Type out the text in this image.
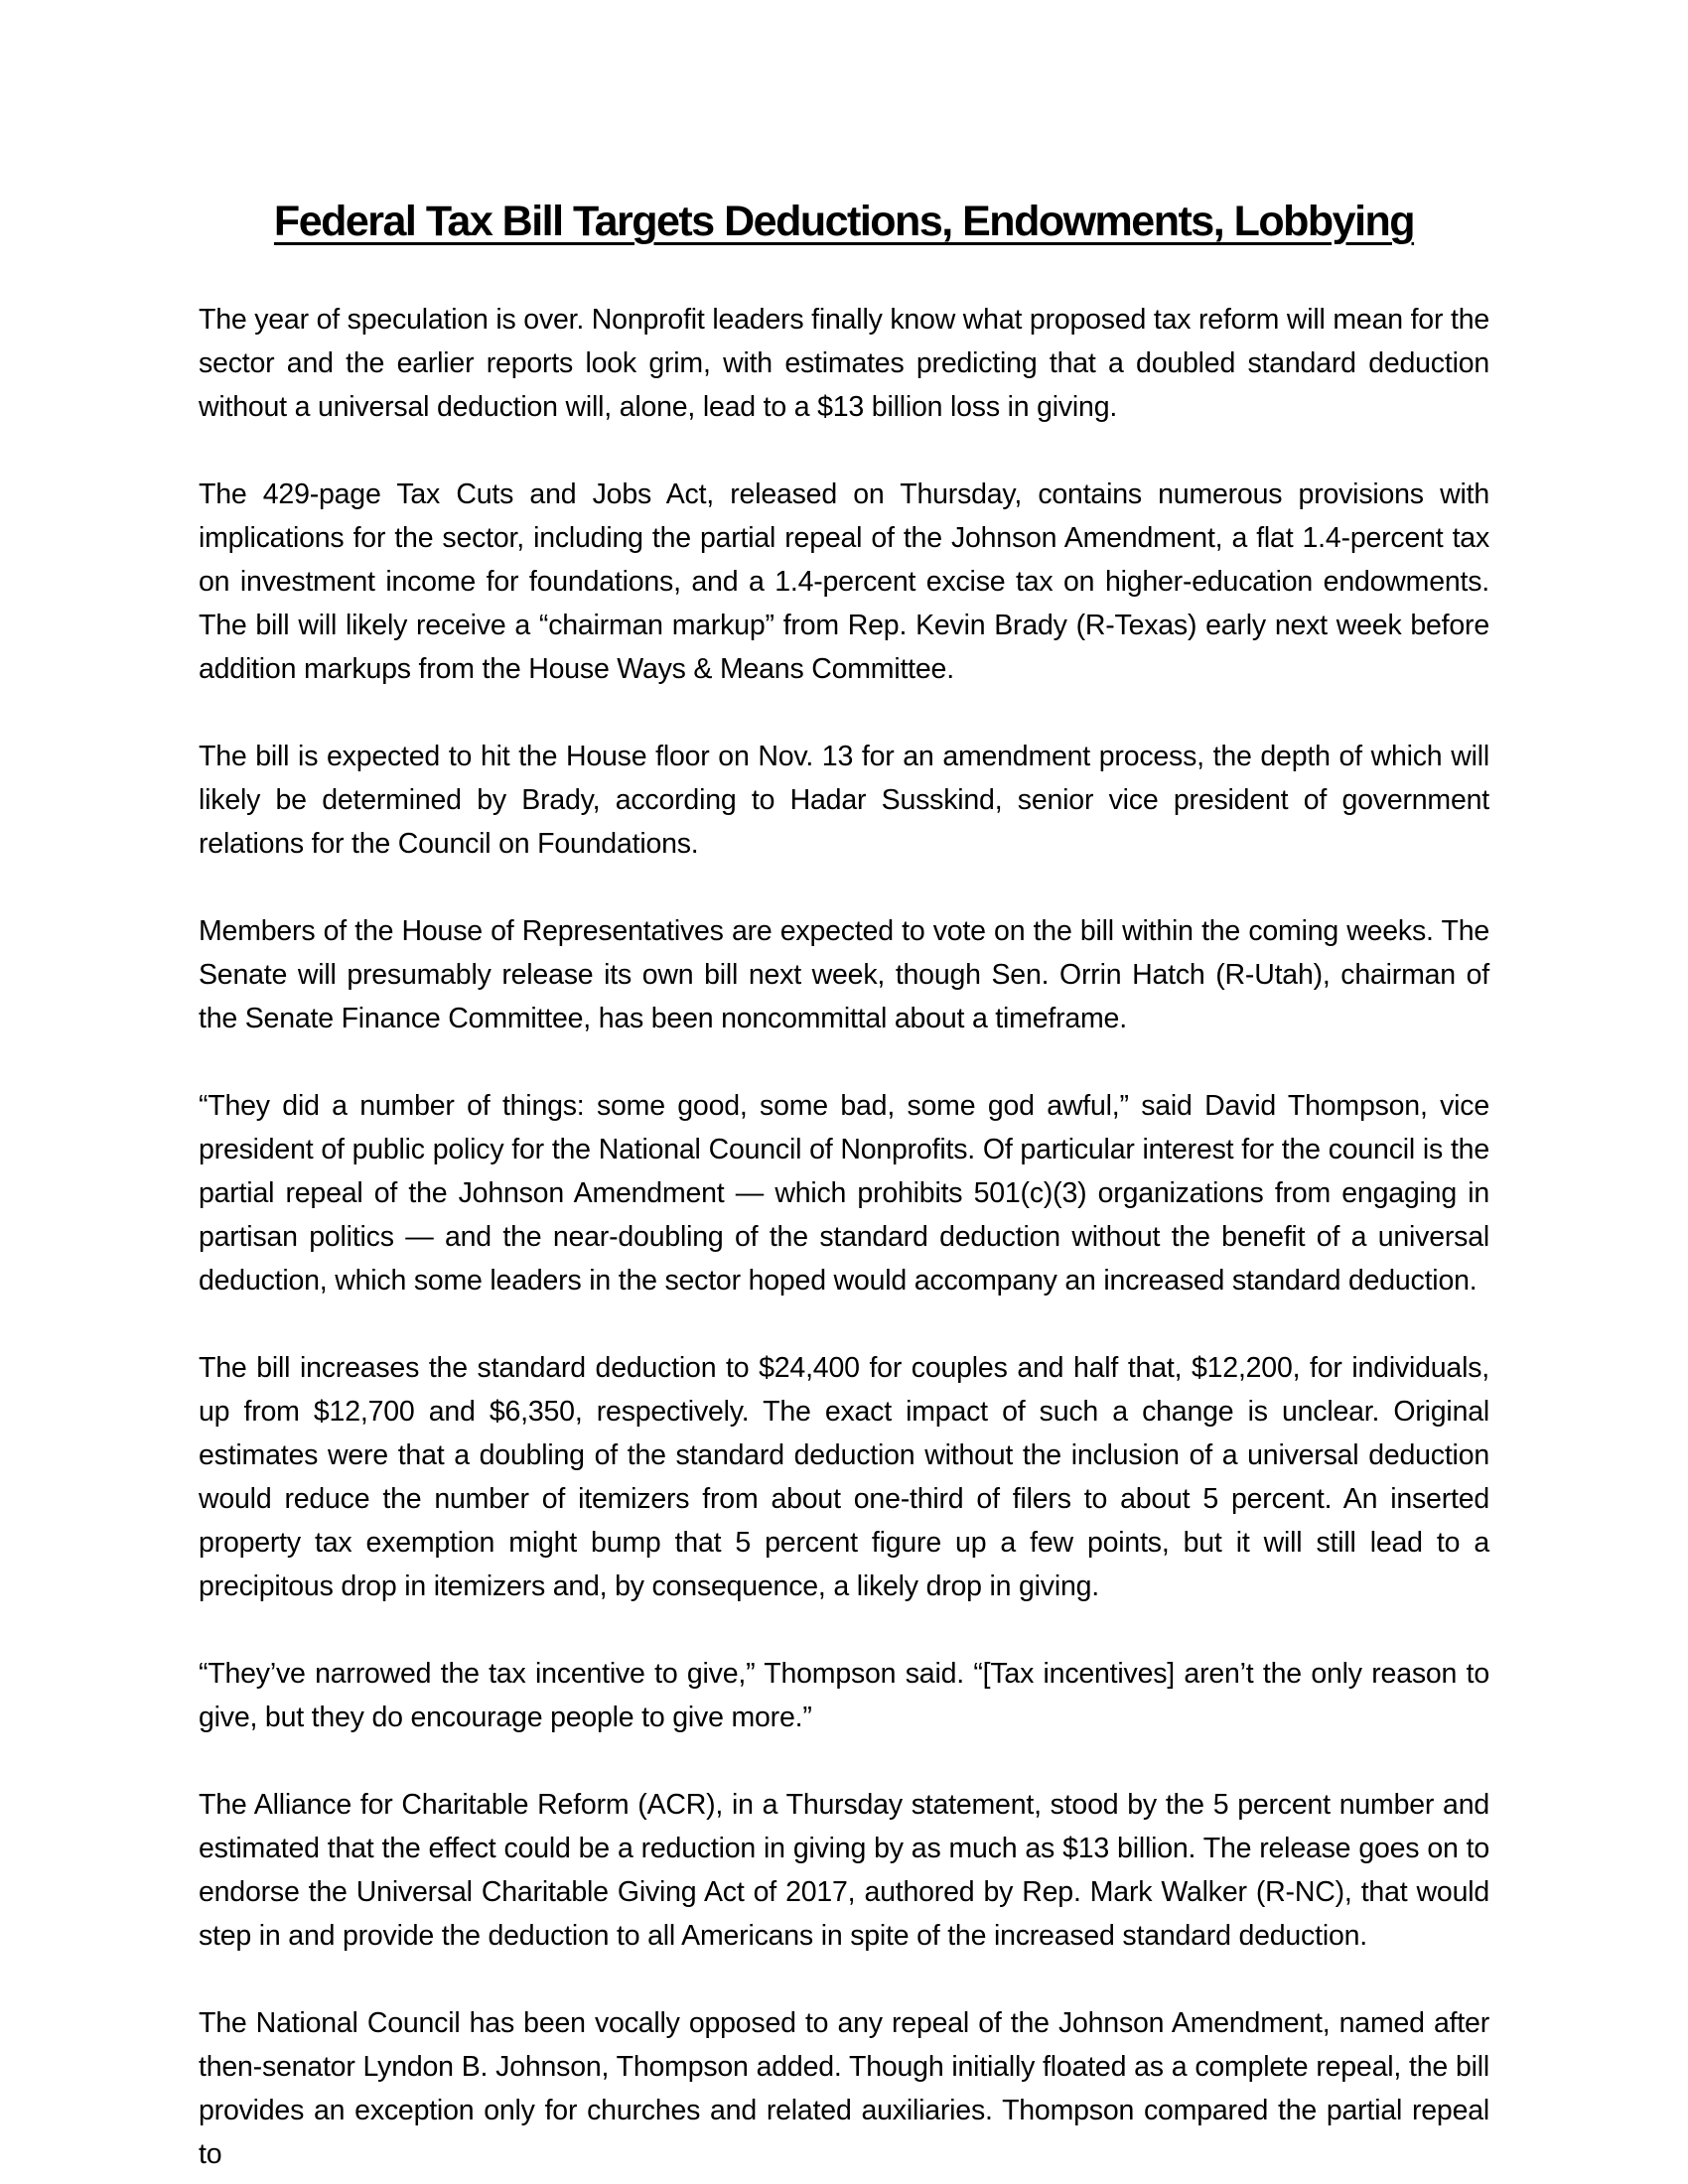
Federal Tax Bill Targets Deductions, Endowments, Lobbying

The year of speculation is over. Nonprofit leaders finally know what proposed tax reform will mean for the sector and the earlier reports look grim, with estimates predicting that a doubled standard deduction without a universal deduction will, alone, lead to a $13 billion loss in giving.

The 429-page Tax Cuts and Jobs Act, released on Thursday, contains numerous provisions with implications for the sector, including the partial repeal of the Johnson Amendment, a flat 1.4-percent tax on investment income for foundations, and a 1.4-percent excise tax on higher-education endowments. The bill will likely receive a “chairman markup” from Rep. Kevin Brady (R-Texas) early next week before addition markups from the House Ways & Means Committee.

The bill is expected to hit the House floor on Nov. 13 for an amendment process, the depth of which will likely be determined by Brady, according to Hadar Susskind, senior vice president of government relations for the Council on Foundations.

Members of the House of Representatives are expected to vote on the bill within the coming weeks. The Senate will presumably release its own bill next week, though Sen. Orrin Hatch (R-Utah), chairman of the Senate Finance Committee, has been noncommittal about a timeframe.

“They did a number of things: some good, some bad, some god awful,” said David Thompson, vice president of public policy for the National Council of Nonprofits. Of particular interest for the council is the partial repeal of the Johnson Amendment — which prohibits 501(c)(3) organizations from engaging in partisan politics — and the near-doubling of the standard deduction without the benefit of a universal deduction, which some leaders in the sector hoped would accompany an increased standard deduction.

The bill increases the standard deduction to $24,400 for couples and half that, $12,200, for individuals, up from $12,700 and $6,350, respectively. The exact impact of such a change is unclear. Original estimates were that a doubling of the standard deduction without the inclusion of a universal deduction would reduce the number of itemizers from about one-third of filers to about 5 percent. An inserted property tax exemption might bump that 5 percent figure up a few points, but it will still lead to a precipitous drop in itemizers and, by consequence, a likely drop in giving.

“They’ve narrowed the tax incentive to give,” Thompson said. “[Tax incentives] aren’t the only reason to give, but they do encourage people to give more.”

The Alliance for Charitable Reform (ACR), in a Thursday statement, stood by the 5 percent number and estimated that the effect could be a reduction in giving by as much as $13 billion. The release goes on to endorse the Universal Charitable Giving Act of 2017, authored by Rep. Mark Walker (R-NC), that would step in and provide the deduction to all Americans in spite of the increased standard deduction.

The National Council has been vocally opposed to any repeal of the Johnson Amendment, named after then-senator Lyndon B. Johnson, Thompson added. Though initially floated as a complete repeal, the bill provides an exception only for churches and related auxiliaries. Thompson compared the partial repeal to
